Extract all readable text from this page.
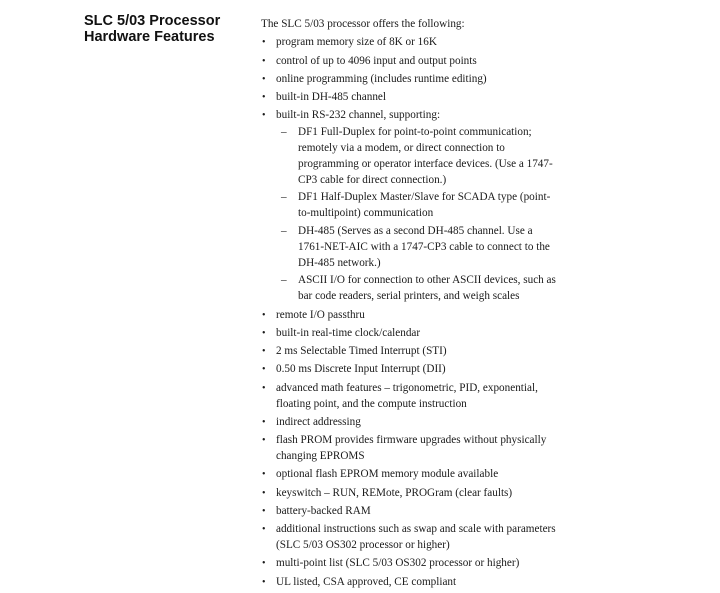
SLC 5/03 Processor Hardware Features

The SLC 5/03 processor offers the following:

• program memory size of 8K or 16K
• control of up to 4096 input and output points
• online programming (includes runtime editing)
• built-in DH-485 channel
• built-in RS-232 channel, supporting:
– DF1 Full-Duplex for point-to-point communication; remotely via a modem, or direct connection to programming or operator interface devices. (Use a 1747-CP3 cable for direct connection.)
– DF1 Half-Duplex Master/Slave for SCADA type (point-to-multipoint) communication
– DH-485 (Serves as a second DH-485 channel. Use a 1761-NET-AIC with a 1747-CP3 cable to connect to the DH-485 network.)
– ASCII I/O for connection to other ASCII devices, such as bar code readers, serial printers, and weigh scales
• remote I/O passthru
• built-in real-time clock/calendar
• 2 ms Selectable Timed Interrupt (STI)
• 0.50 ms Discrete Input Interrupt (DII)
• advanced math features – trigonometric, PID, exponential, floating point, and the compute instruction
• indirect addressing
• flash PROM provides firmware upgrades without physically changing EPROMS
• optional flash EPROM memory module available
• keyswitch – RUN, REMote, PROGram (clear faults)
• battery-backed RAM
• additional instructions such as swap and scale with parameters (SLC 5/03 OS302 processor or higher)
• multi-point list (SLC 5/03 OS302 processor or higher)
• UL listed, CSA approved, CE compliant
